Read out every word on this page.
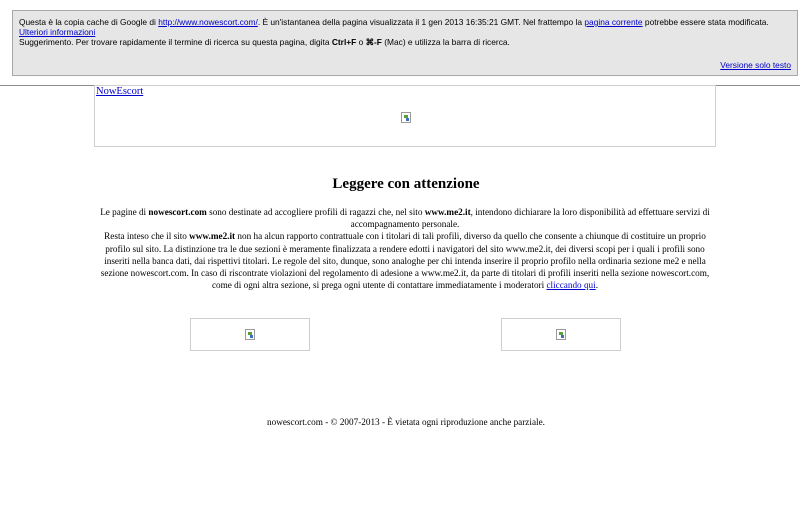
Questa è la copia cache di Google di http://www.nowescort.com/. È un'istantanea della pagina visualizzata il 1 gen 2013 16:35:21 GMT. Nel frattempo la pagina corrente potrebbe essere stata modificata.
Ulteriori informazioni
Suggerimento. Per trovare rapidamente il termine di ricerca su questa pagina, digita Ctrl+F o ⌘-F (Mac) e utilizza la barra di ricerca.
Versione solo testo
NowEscort
Leggere con attenzione

Le pagine di nowescort.com sono destinate ad accogliere profili di ragazzi che, nel sito www.me2.it, intendono dichiarare la loro disponibilità ad effettuare servizi di accompagnamento personale.

Resta inteso che il sito www.me2.it non ha alcun rapporto contrattuale con i titolari di tali profili, diverso da quello che consente a chiunque di costituire un proprio profilo sul sito. La distinzione tra le due sezioni è meramente finalizzata a rendere edotti i navigatori del sito www.me2.it, dei diversi scopi per i quali i profili sono inseriti nella banca dati, dai rispettivi titolari. Le regole del sito, dunque, sono analoghe per chi intenda inserire il proprio profilo nella ordinaria sezione me2 e nella sezione nowescort.com. In caso di riscontrate violazioni del regolamento di adesione a www.me2.it, da parte di titolari di profili inseriti nella sezione nowescort.com, come di ogni altra sezione, si prega ogni utente di contattare immediatamente i moderatori cliccando qui.

nowescort.com - © 2007-2013 - È vietata ogni riproduzione anche parziale.
